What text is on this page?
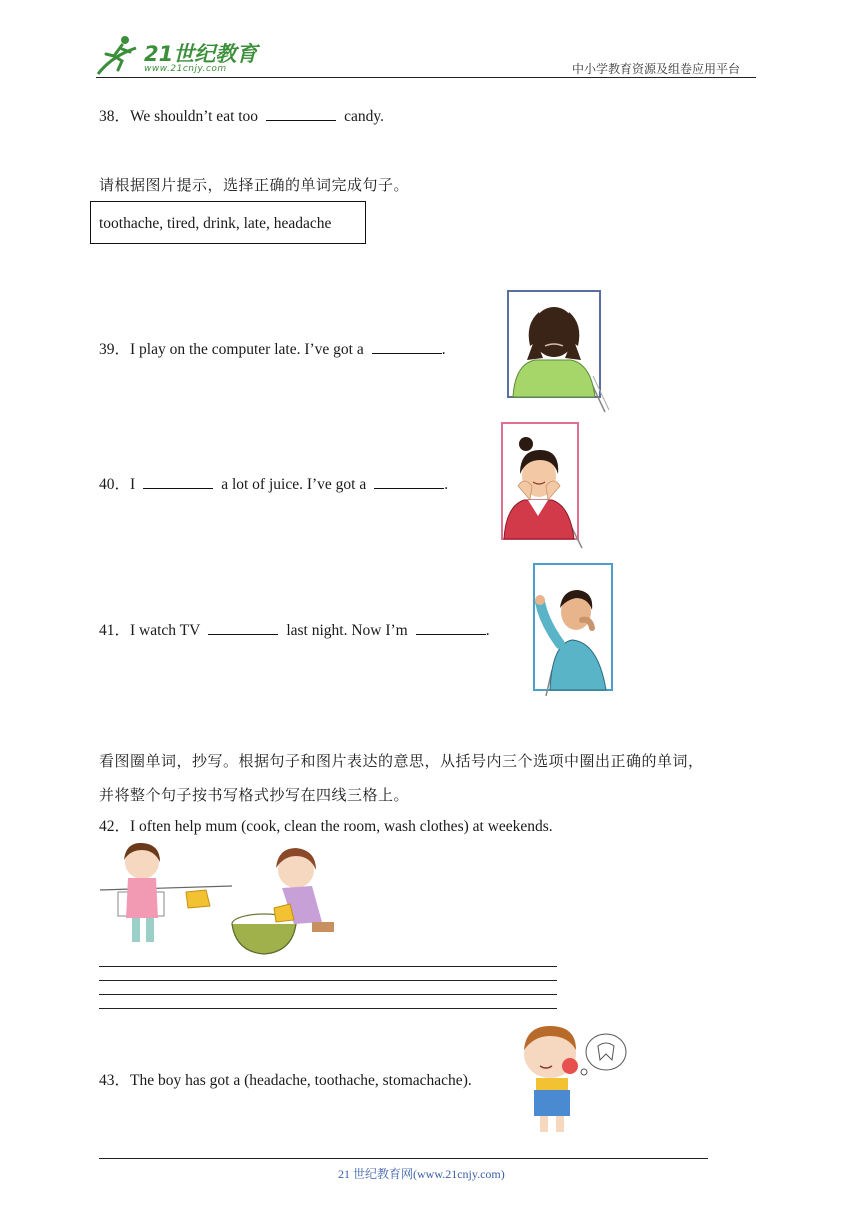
21世纪教育
www.21cnjy.com	中小学教育资源及组卷应用平台
38．We shouldn’t eat too	candy.
请根据图片提示，选择正确的单词完成句子。
toothache, tired, drink, late, headache
39．I play on the computer late. I’ve got a	.
40．I	a lot of juice. I’ve got a	.
41．I watch TV	last night. Now I’m	.
看图圈单词，抄写。根据句子和图片表达的意思，从括号内三个选项中圈出正确的单词，
并将整个句子按书写格式抄写在四线三格上。
42．I often help mum (cook, clean the room, wash clothes) at weekends.
43．The boy has got a (headache, toothache, stomachache).
21 世纪教育网(www.21cnjy.com)
